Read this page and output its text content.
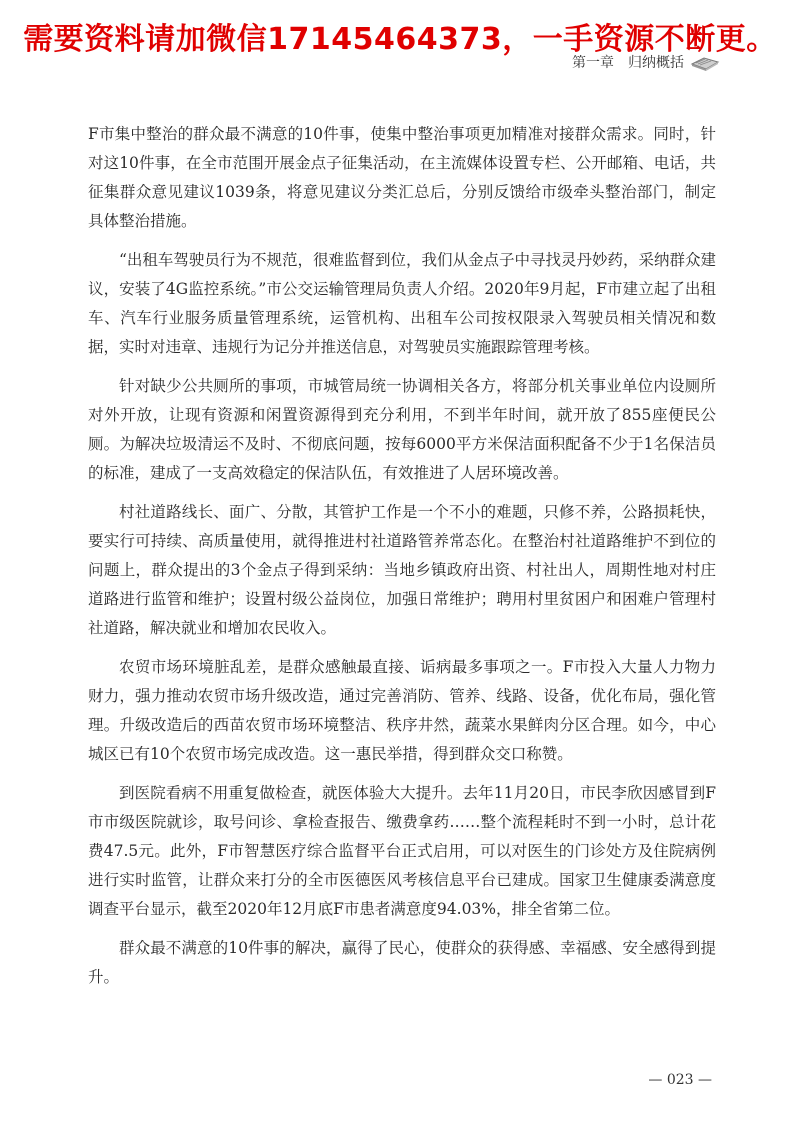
需要资料请加微信17145464373，一手资源不断更。
第一章　归纳概括

F市集中整治的群众最不满意的10件事，使集中整治事项更加精准对接群众需求。同时，针对这10件事，在全市范围开展金点子征集活动，在主流媒体设置专栏、公开邮箱、电话，共征集群众意见建议1039条，将意见建议分类汇总后，分别反馈给市级牵头整治部门，制定具体整治措施。

“出租车驾驶员行为不规范，很难监督到位，我们从金点子中寻找灵丹妙药，采纳群众建议，安装了4G监控系统。”市公交运输管理局负责人介绍。2020年9月起，F市建立起了出租车、汽车行业服务质量管理系统，运管机构、出租车公司按权限录入驾驶员相关情况和数据，实时对违章、违规行为记分并推送信息，对驾驶员实施跟踪管理考核。

针对缺少公共厕所的事项，市城管局统一协调相关各方，将部分机关事业单位内设厕所对外开放，让现有资源和闲置资源得到充分利用，不到半年时间，就开放了855座便民公厕。为解决垃圾清运不及时、不彻底问题，按每6000平方米保洁面积配备不少于1名保洁员的标准，建成了一支高效稳定的保洁队伍，有效推进了人居环境改善。

村社道路线长、面广、分散，其管护工作是一个不小的难题，只修不养，公路损耗快，要实行可持续、高质量使用，就得推进村社道路管养常态化。在整治村社道路维护不到位的问题上，群众提出的3个金点子得到采纳：当地乡镇政府出资、村社出人，周期性地对村庄道路进行监管和维护；设置村级公益岗位，加强日常维护；聘用村里贫困户和困难户管理村社道路，解决就业和增加农民收入。

农贸市场环境脏乱差，是群众感触最直接、诟病最多事项之一。F市投入大量人力物力财力，强力推动农贸市场升级改造，通过完善消防、管养、线路、设备，优化布局，强化管理。升级改造后的西苗农贸市场环境整洁、秩序井然，蔬菜水果鲜肉分区合理。如今，中心城区已有10个农贸市场完成改造。这一惠民举措，得到群众交口称赞。

到医院看病不用重复做检查，就医体验大大提升。去年11月20日，市民李欣因感冒到F市市级医院就诊，取号问诊、拿检查报告、缴费拿药……整个流程耗时不到一小时，总计花费47.5元。此外，F市智慧医疗综合监督平台正式启用，可以对医生的门诊处方及住院病例进行实时监管，让群众来打分的全市医德医风考核信息平台已建成。国家卫生健康委满意度调查平台显示，截至2020年12月底F市患者满意度94.03%，排全省第二位。

群众最不满意的10件事的解决，赢得了民心，使群众的获得感、幸福感、安全感得到提升。

— 023 —
